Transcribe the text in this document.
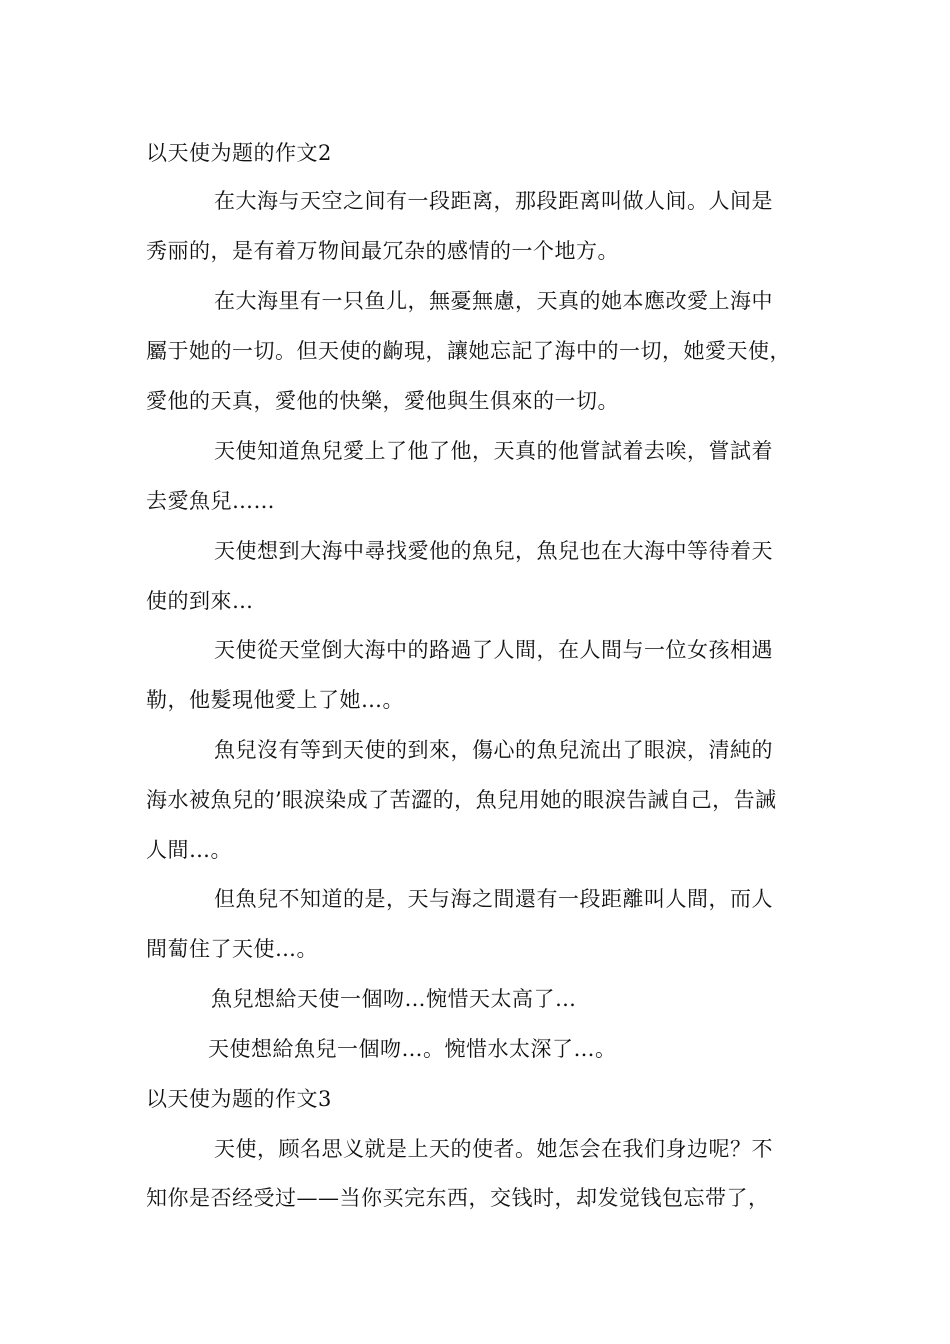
以天使为题的作文2
在大海与天空之间有一段距离，那段距离叫做人间。人间是
秀丽的，是有着万物间最冗杂的感情的一个地方。
在大海里有一只鱼儿，無憂無慮，天真的她本應改愛上海中
屬于她的一切。但天使的齣現，讓她忘記了海中的一切，她愛天使，
愛他的天真，愛他的快樂，愛他與生俱來的一切。
天使知道魚兒愛上了他了他，天真的他嘗試着去唉，嘗試着
去愛魚兒……
天使想到大海中尋找愛他的魚兒，魚兒也在大海中等待着天
使的到來…
天使從天堂倒大海中的路過了人間，在人間与一位女孩相遇
勒，他髮現他愛上了她…。
魚兒沒有等到天使的到來，傷心的魚兒流出了眼淚，清純的
海水被魚兒的’眼淚染成了苦澀的，魚兒用她的眼淚告誡自己，告誡
人間…。
但魚兒不知道的是，天与海之間還有一段距離叫人間，而人
間蔔住了天使…。
魚兒想給天使一個吻…惋惜天太高了…
天使想給魚兒一個吻…。惋惜水太深了…。
以天使为题的作文3
天使，顾名思义就是上天的使者。她怎会在我们身边呢？不
知你是否经受过——当你买完东西，交钱时，却发觉钱包忘带了，
